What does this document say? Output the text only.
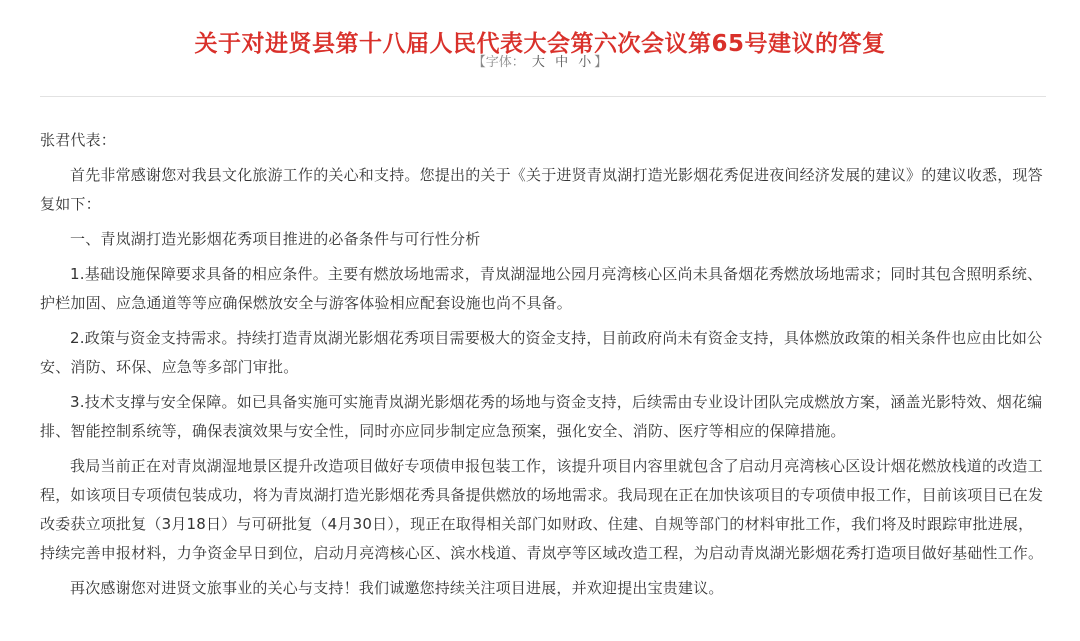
关于对进贤县第十八届人民代表大会第六次会议第65号建议的答复
【字体： 大 中 小 】

张君代表：

首先非常感谢您对我县文化旅游工作的关心和支持。您提出的关于《关于进贤青岚湖打造光影烟花秀促进夜间经济发展的建议》的建议收悉，现答复如下：

一、青岚湖打造光影烟花秀项目推进的必备条件与可行性分析

1.基础设施保障要求具备的相应条件。主要有燃放场地需求，青岚湖湿地公园月亮湾核心区尚未具备烟花秀燃放场地需求；同时其包含照明系统、护栏加固、应急通道等等应确保燃放安全与游客体验相应配套设施也尚不具备。

2.政策与资金支持需求。持续打造青岚湖光影烟花秀项目需要极大的资金支持，目前政府尚未有资金支持，具体燃放政策的相关条件也应由比如公安、消防、环保、应急等多部门审批。

3.技术支撑与安全保障。如已具备实施可实施青岚湖光影烟花秀的场地与资金支持，后续需由专业设计团队完成燃放方案，涵盖光影特效、烟花编排、智能控制系统等，确保表演效果与安全性，同时亦应同步制定应急预案，强化安全、消防、医疗等相应的保障措施。

我局当前正在对青岚湖湿地景区提升改造项目做好专项债申报包装工作，该提升项目内容里就包含了启动月亮湾核心区设计烟花燃放栈道的改造工程，如该项目专项债包装成功，将为青岚湖打造光影烟花秀具备提供燃放的场地需求。我局现在正在加快该项目的专项债申报工作，目前该项目已在发改委获立项批复（3月18日）与可研批复（4月30日），现正在取得相关部门如财政、住建、自规等部门的材料审批工作，我们将及时跟踪审批进展，持续完善申报材料，力争资金早日到位，启动月亮湾核心区、滨水栈道、青岚亭等区域改造工程，为启动青岚湖光影烟花秀打造项目做好基础性工作。

再次感谢您对进贤文旅事业的关心与支持！我们诚邀您持续关注项目进展，并欢迎提出宝贵建议。
